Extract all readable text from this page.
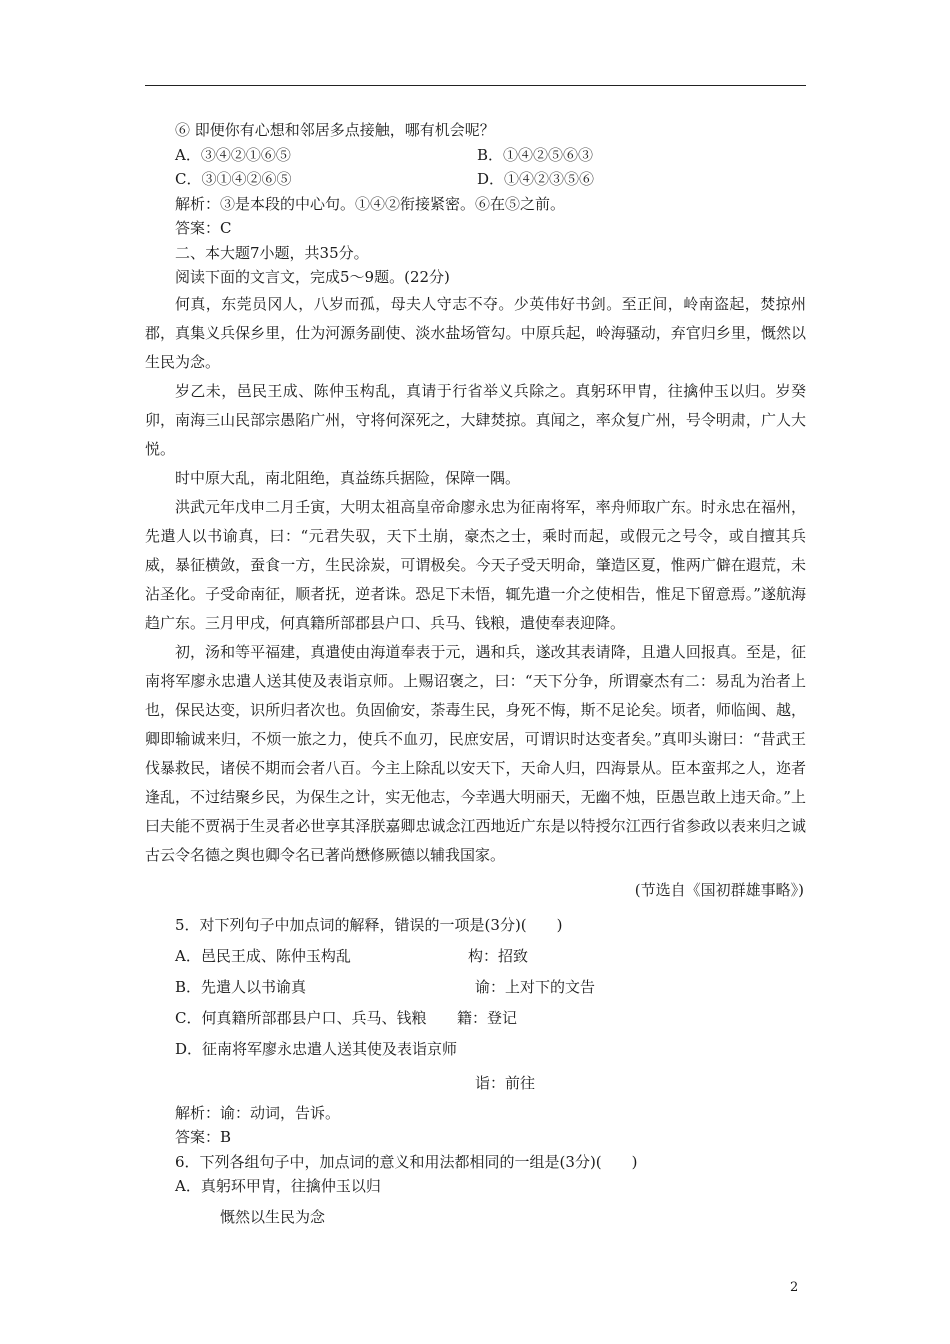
⑥ 即便你有心想和邻居多点接触，哪有机会呢？
A．③④②①⑥⑤	B．①④②⑤⑥③
C．③①④②⑥⑤	D．①④②③⑤⑥
解析：③是本段的中心句。①④②衔接紧密。⑥在⑤之前。
答案：C
二、本大题7小题，共35分。
阅读下面的文言文，完成5～9题。(22分)

何真，东莞员冈人，八岁而孤，母夫人守志不夺。少英伟好书剑。至正间，岭南盗起，焚掠州郡，真集义兵保乡里，仕为河源务副使、淡水盐场管勾。中原兵起，岭海骚动，弃官归乡里，慨然以生民为念。

岁乙未，邑民王成、陈仲玉构乱，真请于行省举义兵除之。真躬环甲胄，往擒仲玉以归。岁癸卯，南海三山民部宗愚陷广州，守将何深死之，大肆焚掠。真闻之，率众复广州，号令明肃，广人大悦。

时中原大乱，南北阻绝，真益练兵据险，保障一隅。

洪武元年戊申二月壬寅，大明太祖高皇帝命廖永忠为征南将军，率舟师取广东。时永忠在福州，先遣人以书谕真，曰：“元君失驭，天下土崩，豪杰之士，乘时而起，或假元之号令，或自擅其兵威，暴征横敛，蚕食一方，生民涂炭，可谓极矣。今天子受天明命，肇造区夏，惟两广僻在遐荒，未沾圣化。子受命南征，顺者抚，逆者诛。恐足下未悟，辄先遣一介之使相告，惟足下留意焉。”遂航海趋广东。三月甲戌，何真籍所部郡县户口、兵马、钱粮，遣使奉表迎降。

初，汤和等平福建，真遣使由海道奉表于元，遇和兵，遂改其表请降，且遣人回报真。至是，征南将军廖永忠遣人送其使及表诣京师。上赐诏褒之，曰：“天下分争，所谓豪杰有二：易乱为治者上也，保民达变，识所归者次也。负固偷安，荼毒生民，身死不悔，斯不足论矣。顷者，师临闽、越，卿即输诚来归，不烦一旅之力，使兵不血刃，民庶安居，可谓识时达变者矣。”真叩头谢曰：“昔武王伐暴救民，诸侯不期而会者八百。今主上除乱以安天下，天命人归，四海景从。臣本蛮邦之人，迩者逢乱，不过结聚乡民，为保生之计，实无他志，今幸遇大明丽天，无幽不烛，臣愚岂敢上违天命。”上曰夫能不贾祸于生灵者必世享其泽朕嘉卿忠诚念江西地近广东是以特授尔江西行省参政以表来归之诚古云令名德之舆也卿令名已著尚懋修厥德以辅我国家。

(节选自《国初群雄事略》)
5．对下列句子中加点词的解释，错误的一项是(3分)(　　)
A．邑民王成、陈仲玉构乱	构：招致
B．先遣人以书谕真	谕：上对下的文告
C．何真籍所部郡县户口、兵马、钱粮 籍：登记
D．征南将军廖永忠遣人送其使及表诣京师
诣：前往
解析：谕：动词，告诉。
答案：B
6．下列各组句子中，加点词的意义和用法都相同的一组是(3分)(　　)
A．真躬环甲胄，往擒仲玉以归
慨然以生民为念
2
